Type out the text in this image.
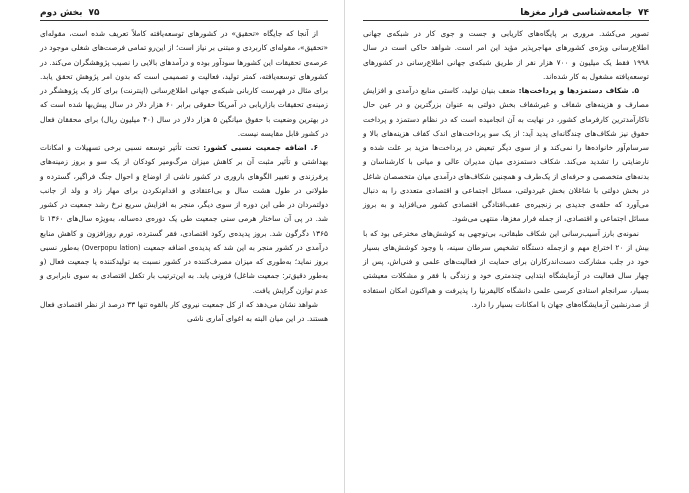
۷۵
بخش دوم

از آنجا که جایگاه «تحقیق» در کشورهای توسعه‌یافته کاملاً تعریف شده است، مقوله‌ای «تحقیق»، مقوله‌ای کاربردی و مبتنی بر نیاز است؛ از این‌رو تمامی فرصت‌های شغلی موجود در عرصه‌ی تحقیقات این کشورها سودآور بوده و درآمدهای بالایی را نصیب پژوهشگران می‌کند. در کشورهای توسعه‌یافته، کمتر تولید، فعالیت و تصمیمی است که بدون امر پژوهش تحقق یابد. برای مثال در فهرست کاربانی شبکه‌ی جهانی اطلاع‌رسانی (اینترنت) برای کار یک پژوهشگر در زمینه‌ی تحقیقات بازاریابی در آمریکا حقوقی برابر ۶۰ هزار دلار در سال پیش‌بها شده است که در بهترین وضعیت با حقوق میانگین ۵ هزار دلار در سال (۴۰ میلیون ریال) برای محققان فعال در کشور قابل مقایسه نیست.

۶. اضافه جمعیت نسبی کشور: تحت تأثیر توسعه نسبی برخی تسهیلات و امکانات بهداشتی و تأثیر مثبت آن بر کاهش میزان مرگ‌ومیر کودکان از یک سو و بروز زمینه‌های پرفرزندی و تغییر الگوهای باروری در کشور ناشی از اوضاع و احوال جنگ فراگیر، گسترده و طولانی در طول هشت سال و بی‌اعتقادی و اقدام‌نکردن برای مهار زاد و ولد از جانب دولتمردان در طی این دوره از سوی دیگر، منجر به افزایش سریع نرخ رشد جمعیت در کشور شد. در پی آن ساختار هرمی سنی جمعیت طی یک دوره‌ی ده‌ساله، به‌ویژه سال‌های ۱۳۶۰ تا ۱۳۶۵ دگرگون شد. بروز پدیده‌ی رکود اقتصادی، فقر گسترده، تورم روزافزون و کاهش منابع درآمدی در کشور منجر به این شد که پدیده‌ی اضافه جمعیت (Overpopu lation) به‌طور نسبی بروز نماید؛ به‌طوری که میزان مصرف‌کننده در کشور نسبت به تولیدکننده یا جمعیت فعال (و به‌طور دقیق‌تر: جمعیت شاغل) فزونی یابد. به این‌ترتیب بار تکفل اقتصادی به سوی نابرابری و عدم توازن گرایش یافت.

شواهد نشان می‌دهد که از کل جمعیت نیروی کار بالقوه تنها ۳۳ درصد از نظر اقتصادی فعال هستند. در این میان البته به اغوای آماری ناشی

۷۴
جامعه‌شناسی فرار مغزها

تصویر می‌کشد. مروری بر پایگاه‌های کاریابی و جست و جوی کار در شبکه‌ی جهانی اطلاع‌رسانی ویژه‌ی کشورهای مهاجرپذیر مؤید این امر است. شواهد حاکی است در سال ۱۹۹۸ فقط یک میلیون و ۷۰۰ هزار نفر از طریق شبکه‌ی جهانی اطلاع‌رسانی در کشورهای توسعه‌یافته مشغول به کار شده‌اند.

۵. شکاف دستمزدها و پرداخت‌ها: ضعف بنیان تولید، کاستی منابع درآمدی و افزایش مصارف و هزینه‌های شفاف و غیرشفاف بخش دولتی به عنوان بزرگترین و در عین حال ناکارآمدترین کارفرمای کشور، در نهایت به آن انجامیده است که در نظام دستمزد و پرداخت حقوق نیز شکاف‌های چندگانه‌ای پدید آید: از یک سو پرداخت‌های اندک کفاف هزینه‌های بالا و سرسام‌آور خانواده‌ها را نمی‌کند و از سوی دیگر تبعیض در پرداخت‌ها مزید بر علت شده و نارضایتی را تشدید می‌کند. شکاف دستمزدی میان مدیران عالی و میانی با کارشناسان و بدنه‌های متخصصی و حرفه‌ای از یک‌طرف و همچنین شکاف‌های درآمدی میان متخصصان شاغل در بخش دولتی با شاغلان بخش غیردولتی، مسائل اجتماعی و اقتصادی متعددی را به دنبال می‌آورد که حلقه‌ی جدیدی بر زنجیره‌ی عقب‌افتادگی اقتصادی کشور می‌افزاید و به بروز مسائل اجتماعی و اقتصادی، از جمله فرار مغزها، منتهی می‌شود.

نمونه‌ی بارز آسیب‌رسانی این شکاف طبقاتی، بی‌توجهی به کوشش‌های مخترعی بود که با بیش از ۲۰ اختراع مهم و ازجمله دستگاه تشخیص سرطان سینه، با وجود کوشش‌های بسیار خود در جلب مشارکت دست‌اندرکاران برای حمایت از فعالیت‌های علمی و فنی‌اش، پس از چهار سال فعالیت در آزمایشگاه ابتدایی چندمتری خود و زندگی با فقر و مشکلات معیشتی بسیار، سرانجام استادی کرسی علمی دانشگاه کالیفرنیا را پذیرفت و هم‌اکنون امکان استفاده از صدرنشین آزمایشگاه‌های جهان با امکانات بسیار را دارد.
